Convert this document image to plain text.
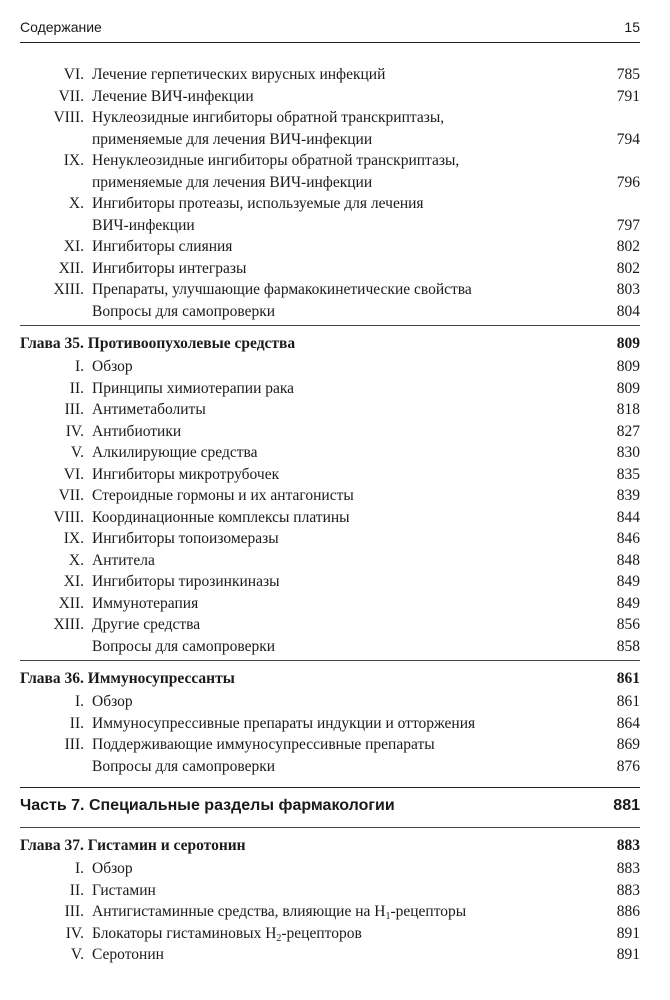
Содержание	15
VI. Лечение герпетических вирусных инфекций	785
VII. Лечение ВИЧ-инфекции	791
VIII. Нуклеозидные ингибиторы обратной транскриптазы,
применяемые для лечения ВИЧ-инфекции	794
IX. Ненуклеозидные ингибиторы обратной транскриптазы,
применяемые для лечения ВИЧ-инфекции	796
X. Ингибиторы протеазы, используемые для лечения
ВИЧ-инфекции	797
XI. Ингибиторы слияния	802
XII. Ингибиторы интегразы	802
XIII. Препараты, улучшающие фармакокинетические свойства	803
Вопросы для самопроверки	804
Глава 35. Противоопухолевые средства	809
I. Обзор	809
II. Принципы химиотерапии рака	809
III. Антиметаболиты	818
IV. Антибиотики	827
V. Алкилирующие средства	830
VI. Ингибиторы микротрубочек	835
VII. Стероидные гормоны и их антагонисты	839
VIII. Координационные комплексы платины	844
IX. Ингибиторы топоизомеразы	846
X. Антитела	848
XI. Ингибиторы тирозинкиназы	849
XII. Иммунотерапия	849
XIII. Другие средства	856
Вопросы для самопроверки	858
Глава 36. Иммуносупрессанты	861
I. Обзор	861
II. Иммуносупрессивные препараты индукции и отторжения	864
III. Поддерживающие иммуносупрессивные препараты	869
Вопросы для самопроверки	876
Часть 7. Специальные разделы фармакологии	881
Глава 37. Гистамин и серотонин	883
I. Обзор	883
II. Гистамин	883
III. Антигистаминные средства, влияющие на $H_1$-рецепторы	886
IV. Блокаторы гистаминовых $H_2$-рецепторов	891
V. Серотонин	891
